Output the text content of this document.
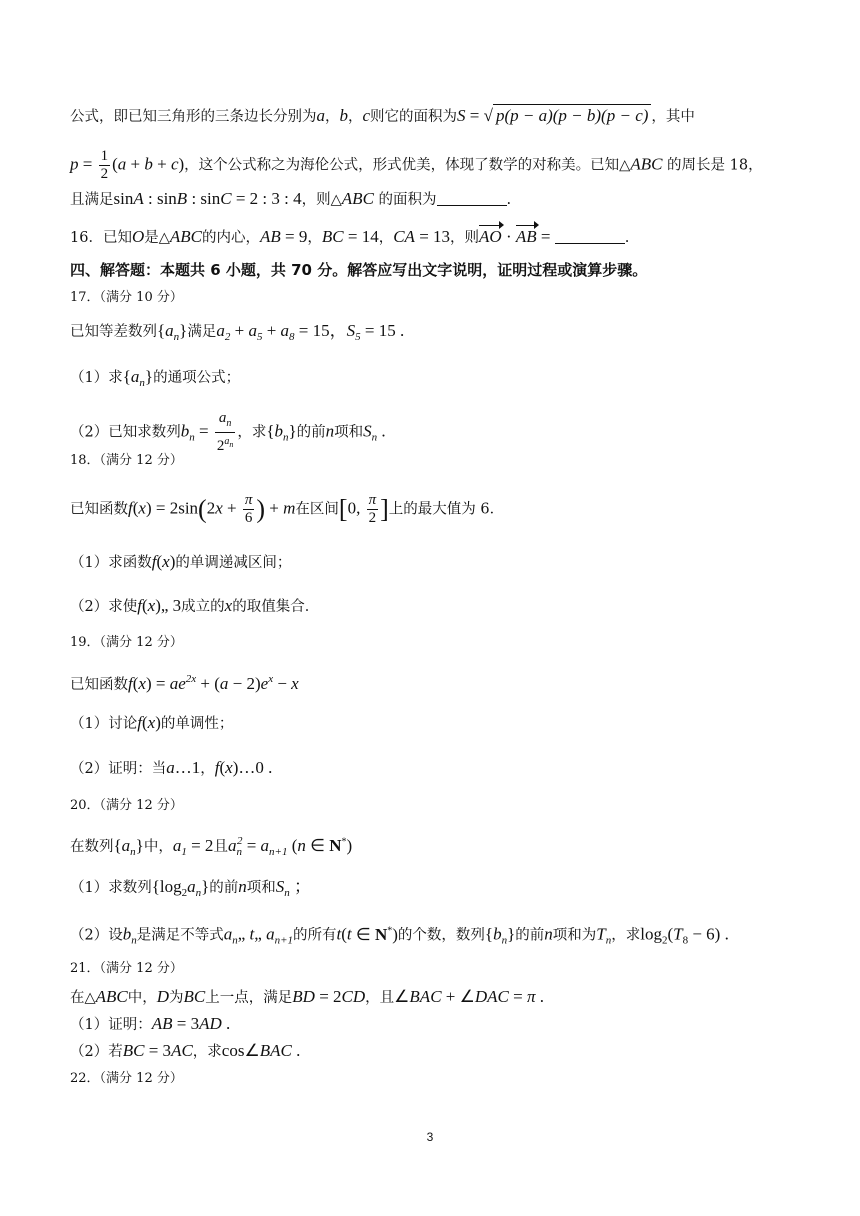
公式，即已知三角形的三条边长分别为a，b，c则它的面积为S = √ p(p − a)(p − b)(p − c) ，其中
$p = \frac{1}{2} (a + b + c)$，这个公式称之为海伦公式，形式优美，体现了数学的对称美。已知△ABC 的周长是 18，
且满足sinA : sinB : sinC = 2 : 3 : 4，则△ABC 的面积为	.
16．已知O是△ABC的内心，AB = 9，BC = 14，CA = 13，则AO · AB =	.
四、解答题：本题共 6 小题，共 70 分。解答应写出文字说明，证明过程或演算步骤。
17．（满分 10 分）
已知等差数列$\{a_n\}$满足$a_2 + a_5 + a_8 = 15$，$S_5 = 15$ .
（1）求$\{a_n\}$的通项公式；
（2）已知求数列$b_n = \frac{a_n}{2^{a_n}}$ ，求$\{b_n\}$的前n项和$S_n$ .
18．（满分 12 分）
已知函数$f(x) = 2\sin(2x + \frac{\pi}{6}$ ) + m在区间[0, $\frac{\pi}{2}$ ]上的最大值为 6．
（1）求函数f(x)的单调递减区间；
（2）求使f(x)„ 3成立的x的取值集合．
19．（满分 12 分）
已知函数$f(x) = ae^{2x} + (a - 2)e^x - x$
（1）讨论f(x)的单调性；
（2）证明：当a…1，f(x)…0 .
20．（满分 12 分）
在数列$\{a_n\}$中，$a_1 = 2$且$a_n^2 = a_{n+1}$ (n ∈ N*)
（1）求数列$\{\log_2a_n\}$的前n项和$S_n$ ；
（2）设$b_n$是满足不等式$a_n„$ t„ $a_{n+1}$的所有t(t ∈ N*)的个数，数列$\{b_n\}$的前n项和为$T_n$，求$\log_2(T_8 - 6)$ .
21．（满分 12 分）
在△ABC中，D为BC上一点，满足BD = 2CD，且∠BAC + ∠DAC = π .
（1）证明：AB = 3AD .
（2）若BC = 3AC，求cos∠BAC .
22．（满分 12 分）
3
